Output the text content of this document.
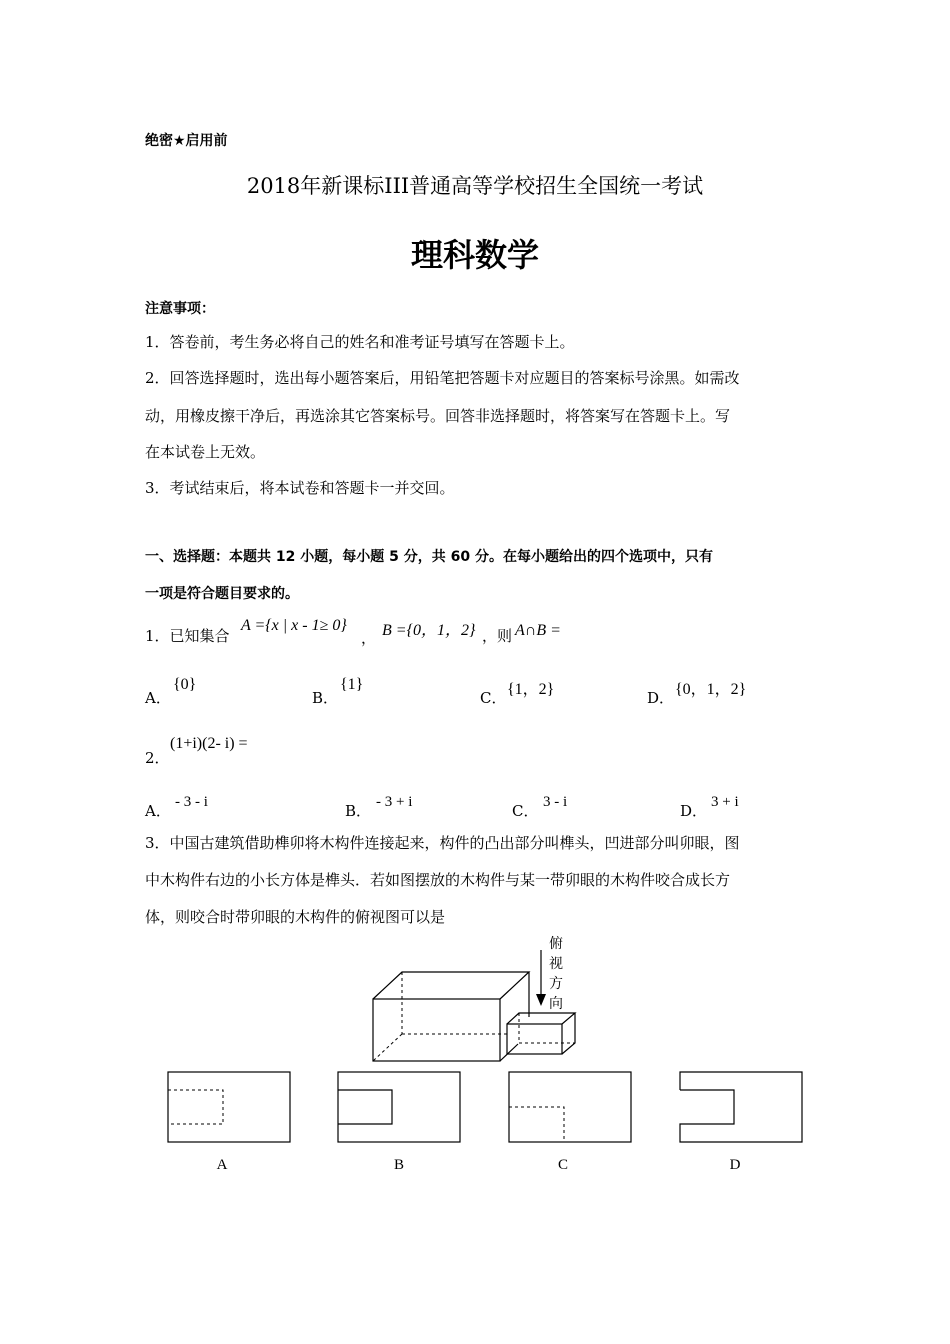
绝密★启用前
2018年新课标III普通高等学校招生全国统一考试
理科数学
注意事项：
1．答卷前，考生务必将自己的姓名和准考证号填写在答题卡上。
2．回答选择题时，选出每小题答案后，用铅笔把答题卡对应题目的答案标号涂黑。如需改
动，用橡皮擦干净后，再选涂其它答案标号。回答非选择题时，将答案写在答题卡上。写
在本试卷上无效。
3．考试结束后，将本试卷和答题卡一并交回。
一、选择题：本题共 12 小题，每小题 5 分，共 60 分。在每小题给出的四个选项中，只有
一项是符合题目要求的。
1．已知集合
A ={x | x - 1≥ 0}
， B ={0，1，2} ，则 A∩B =
A．
{0}
B．
{1}
C． {1，2}	D． {0，1，2}
2．
(1+i)(2- i) =
A． - 3 - i	B． - 3 + i	C． 3 - i	D． 3 + i
3．中国古建筑借助榫卯将木构件连接起来，构件的凸出部分叫榫头，凹进部分叫卯眼，图
中木构件右边的小长方体是榫头．若如图摆放的木构件与某一带卯眼的木构件咬合成长方
体，则咬合时带卯眼的木构件的俯视图可以是
俯
视
方
向
A	B	C	D
